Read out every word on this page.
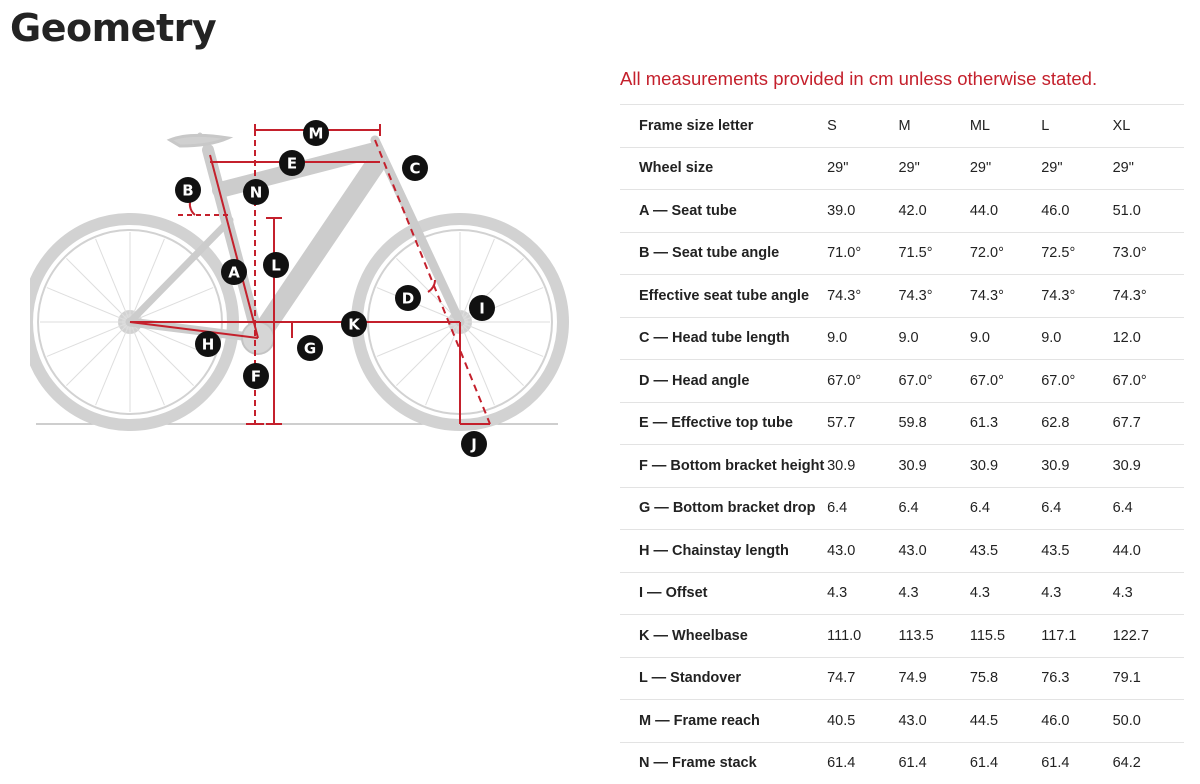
Geometry
A
B
C
D
E
F
G
H
I
J
K
L
M
N

All measurements provided in cm unless otherwise stated.

Frame size letter	S	M	ML	L	XL
Wheel size	29"	29"	29"	29"	29"
A — Seat tube	39.0	42.0	44.0	46.0	51.0
B — Seat tube angle	71.0°	71.5°	72.0°	72.5°	73.0°
Effective seat tube angle	74.3°	74.3°	74.3°	74.3°	74.3°
C — Head tube length	9.0	9.0	9.0	9.0	12.0
D — Head angle	67.0°	67.0°	67.0°	67.0°	67.0°
E — Effective top tube	57.7	59.8	61.3	62.8	67.7
F — Bottom bracket height	30.9	30.9	30.9	30.9	30.9
G — Bottom bracket drop	6.4	6.4	6.4	6.4	6.4
H — Chainstay length	43.0	43.0	43.5	43.5	44.0
I — Offset	4.3	4.3	4.3	4.3	4.3
K — Wheelbase	111.0	113.5	115.5	117.1	122.7
L — Standover	74.7	74.9	75.8	76.3	79.1
M — Frame reach	40.5	43.0	44.5	46.0	50.0
N — Frame stack	61.4	61.4	61.4	61.4	64.2
